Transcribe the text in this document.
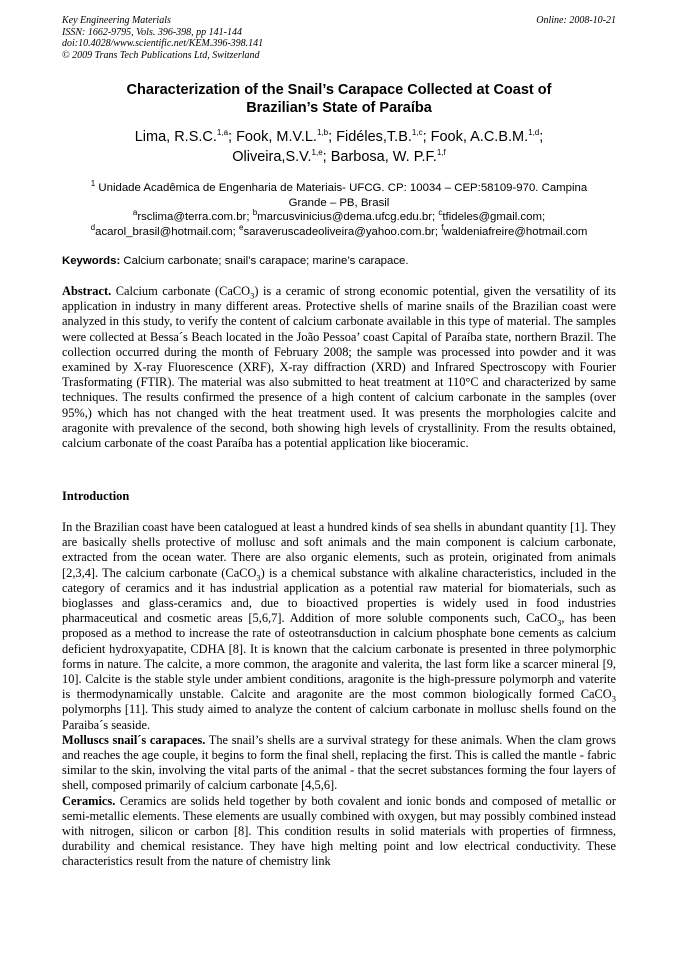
Key Engineering Materials
ISSN: 1662-9795, Vols. 396-398, pp 141-144
doi:10.4028/www.scientific.net/KEM.396-398.141
© 2009 Trans Tech Publications Ltd, Switzerland
Online: 2008-10-21
Characterization of the Snail’s Carapace Collected at Coast of
Brazilian’s State of Paraíba
Lima, R.S.C.$^{1,a}$; Fook, M.V.L.$^{1,b}$; Fidéles,T.B.$^{1,c}$; Fook, A.C.B.M.$^{1,d}$;
Oliveira,S.V.$^{1,e}$; Barbosa, W. P.F.$^{1,f}$
$^1$ Unidade Acadêmica de Engenharia de Materiais- UFCG. CP: 10034 – CEP:58109-970. Campina
Grande – PB, Brasil
$^a$rsclima@terra.com.br; $^b$marcusvinicius@dema.ufcg.edu.br; $^c$tfideles@gmail.com;
$^d$acarol_brasil@hotmail.com; $^e$saraveruscadeoliveira@yahoo.com.br; $^f$waldeniafreire@hotmail.com
Keywords: Calcium carbonate; snail’s carapace; marine’s carapace.
Abstract. Calcium carbonate (CaCO$_3$) is a ceramic of strong economic potential, given the versatility of its application in industry in many different areas. Protective shells of marine snails of the Brazilian coast were analyzed in this study, to verify the content of calcium carbonate available in this type of material. The samples were collected at Bessa´s Beach located in the João Pessoa’ coast Capital of Paraíba state, northern Brazil. The collection occurred during the month of February 2008; the sample was processed into powder and it was examined by X-ray Fluorescence (XRF), X-ray diffraction (XRD) and Infrared Spectroscopy with Fourier Trasformating (FTIR). The material was also submitted to heat treatment at 110°C and characterized by same techniques. The results confirmed the presence of a high content of calcium carbonate in the samples (over 95%,) which has not changed with the heat treatment used. It was presents the morphologies calcite and aragonite with prevalence of the second, both showing high levels of crystallinity. From the results obtained, calcium carbonate of the coast Paraíba has a potential application like bioceramic.
Introduction

In the Brazilian coast have been catalogued at least a hundred kinds of sea shells in abundant quantity [1]. They are basically shells protective of mollusc and soft animals and the main component is calcium carbonate, extracted from the ocean water. There are also organic elements, such as protein, originated from animals [2,3,4]. The calcium carbonate (CaCO$_3$) is a chemical substance with alkaline characteristics, included in the category of ceramics and it has industrial application as a potential raw material for biomaterials, such as bioglasses and glass-ceramics and, due to bioactived properties is widely used in food industries pharmaceutical and cosmetic areas [5,6,7]. Addition of more soluble components such, CaCO$_3$, has been proposed as a method to increase the rate of osteotransduction in calcium phosphate bone cements as calcium deficient hydroxyapatite, CDHA [8]. It is known that the calcium carbonate is presented in three polymorphic forms in nature. The calcite, a more common, the aragonite and valerita, the last form like a scarcer mineral [9, 10]. Calcite is the stable style under ambient conditions, aragonite is the high-pressure polymorph and vaterite is thermodynamically unstable. Calcite and aragonite are the most common biologically formed CaCO$_3$ polymorphs [11]. This study aimed to analyze the content of calcium carbonate in mollusc shells found on the Paraiba´s seaside.

Molluscs snail´s carapaces. The snail’s shells are a survival strategy for these animals. When the clam grows and reaches the age couple, it begins to form the final shell, replacing the first. This is called the mantle - fabric similar to the skin, involving the vital parts of the animal - that the secret substances forming the four layers of shell, composed primarily of calcium carbonate [4,5,6].

Ceramics. Ceramics are solids held together by both covalent and ionic bonds and composed of metallic or semi-metallic elements. These elements are usually combined with oxygen, but may possibly combined instead with nitrogen, silicon or carbon [8]. This condition results in solid materials with properties of firmness, durability and chemical resistance. They have high melting point and low electrical conductivity. These characteristics result from the nature of chemistry link
